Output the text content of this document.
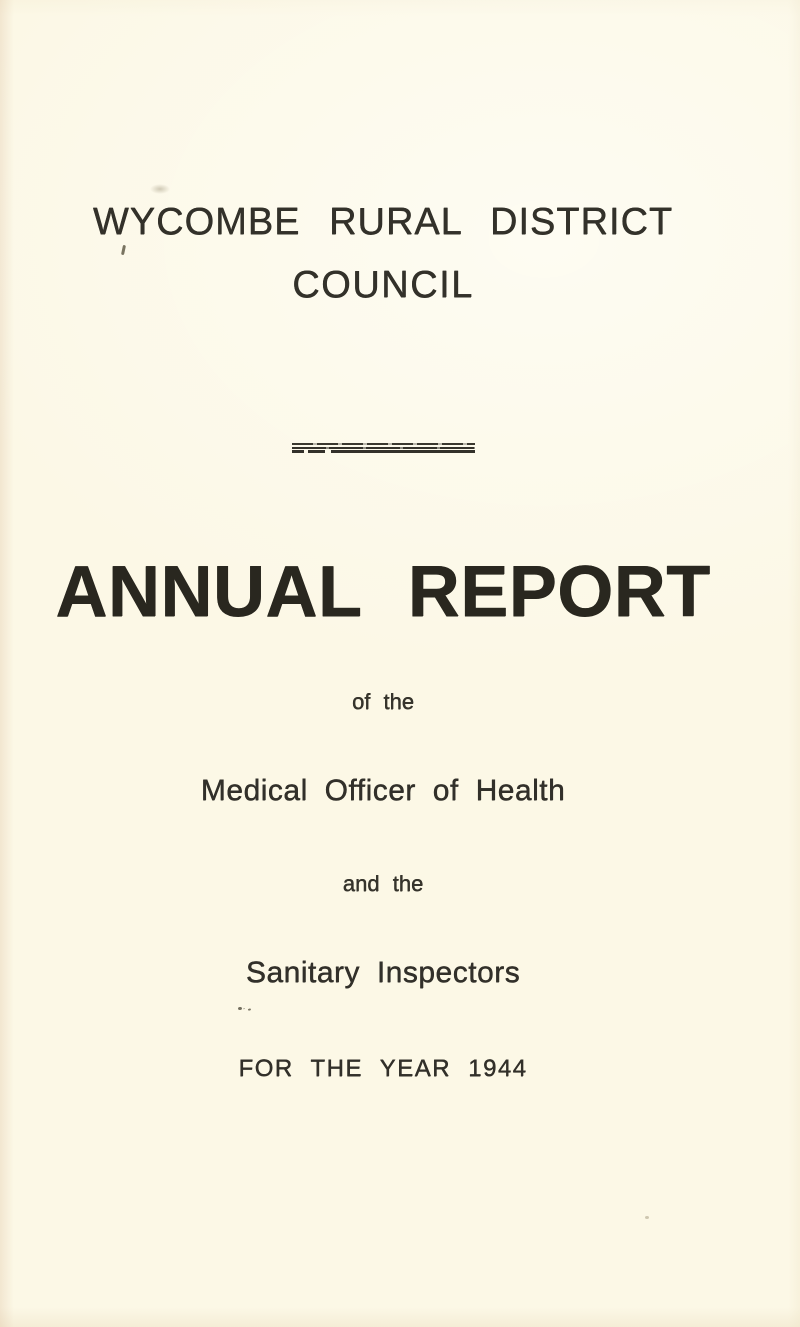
WYCOMBE RURAL DISTRICT
COUNCIL
ANNUAL REPORT
of the
Medical Officer of Health
and the
Sanitary Inspectors
FOR THE YEAR 1944
